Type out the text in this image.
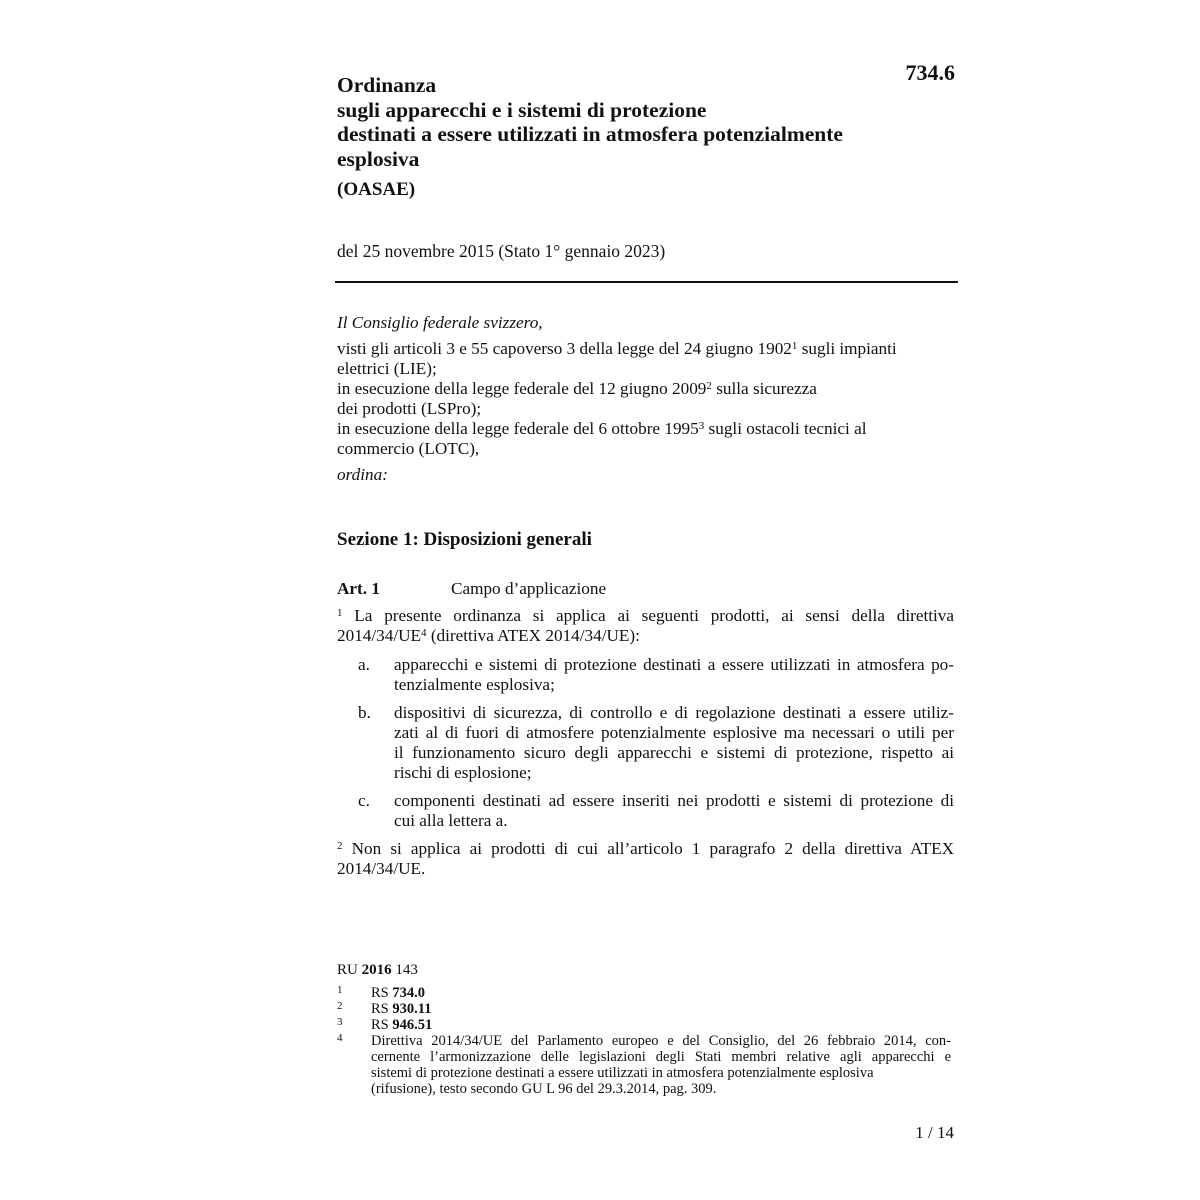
734.6
Ordinanza
sugli apparecchi e i sistemi di protezione
destinati a essere utilizzati in atmosfera potenzialmente
esplosiva
(OASAE)
del 25 novembre 2015 (Stato 1° gennaio 2023)
Il Consiglio federale svizzero,
visti gli articoli 3 e 55 capoverso 3 della legge del 24 giugno 1902$^1$ sugli impianti
elettrici (LIE);
in esecuzione della legge federale del 12 giugno 2009$^2$ sulla sicurezza
dei prodotti (LSPro);
in esecuzione della legge federale del 6 ottobre 1995$^3$ sugli ostacoli tecnici al
commercio (LOTC),
ordina:
Sezione 1: Disposizioni generali
Art. 1	Campo d’applicazione
$^1$ La presente ordinanza si applica ai seguenti prodotti, ai sensi della direttiva
$2014/34/UE^4$ (direttiva ATEX 2014/34/UE):
a.	apparecchi e sistemi di protezione destinati a essere utilizzati in atmosfera po-
tenzialmente esplosiva;
b.	dispositivi di sicurezza, di controllo e di regolazione destinati a essere utiliz-
zati al di fuori di atmosfere potenzialmente esplosive ma necessari o utili per
il funzionamento sicuro degli apparecchi e sistemi di protezione, rispetto ai
rischi di esplosione;
c.	componenti destinati ad essere inseriti nei prodotti e sistemi di protezione di
cui alla lettera a.
$^2$ Non si applica ai prodotti di cui all’articolo 1 paragrafo 2 della direttiva ATEX
2014/34/UE.
RU 2016 143
1	RS 734.0
2	RS 930.11
3	RS 946.51
4	Direttiva 2014/34/UE del Parlamento europeo e del Consiglio, del 26 febbraio 2014, con-
cernente l’armonizzazione delle legislazioni degli Stati membri relative agli apparecchi e
sistemi di protezione destinati a essere utilizzati in atmosfera potenzialmente esplosiva
(rifusione), testo secondo GU L 96 del 29.3.2014, pag. 309.
1 / 14
